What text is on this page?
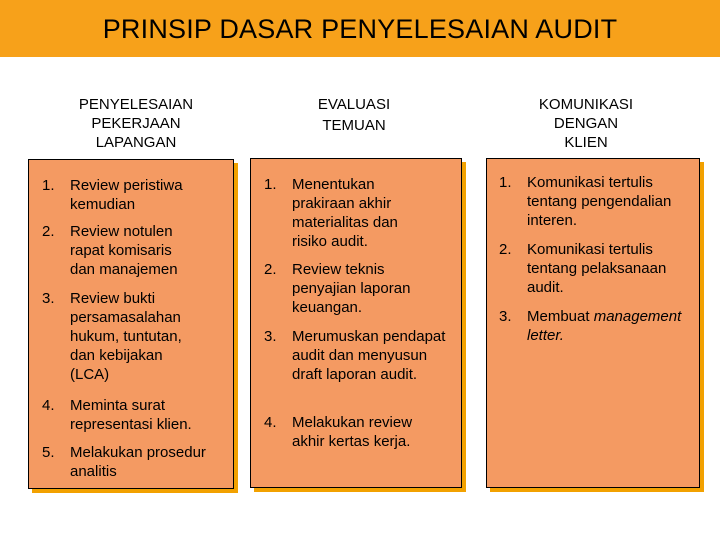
PRINSIP DASAR PENYELESAIAN AUDIT
PENYELESAIAN
PEKERJAAN
LAPANGAN
1.	Review peristiwa kemudian
2.	Review notulen rapat komisaris dan manajemen
3.	Review bukti persamasalahan hukum, tuntutan, dan kebijakan (LCA)
4.	Meminta surat representasi klien.
5.	Melakukan prosedur analitis
EVALUASI
TEMUAN
1.	Menentukan prakiraan akhir materialitas dan risiko audit.
2.	Review teknis penyajian laporan keuangan.
3.	Merumuskan pendapat audit dan menyusun draft laporan audit.
4.	Melakukan review akhir kertas kerja.
KOMUNIKASI
DENGAN
KLIEN
1.	Komunikasi tertulis tentang pengendalian interen.
2.	Komunikasi tertulis tentang pelaksanaan audit.
3.	Membuat management letter.
